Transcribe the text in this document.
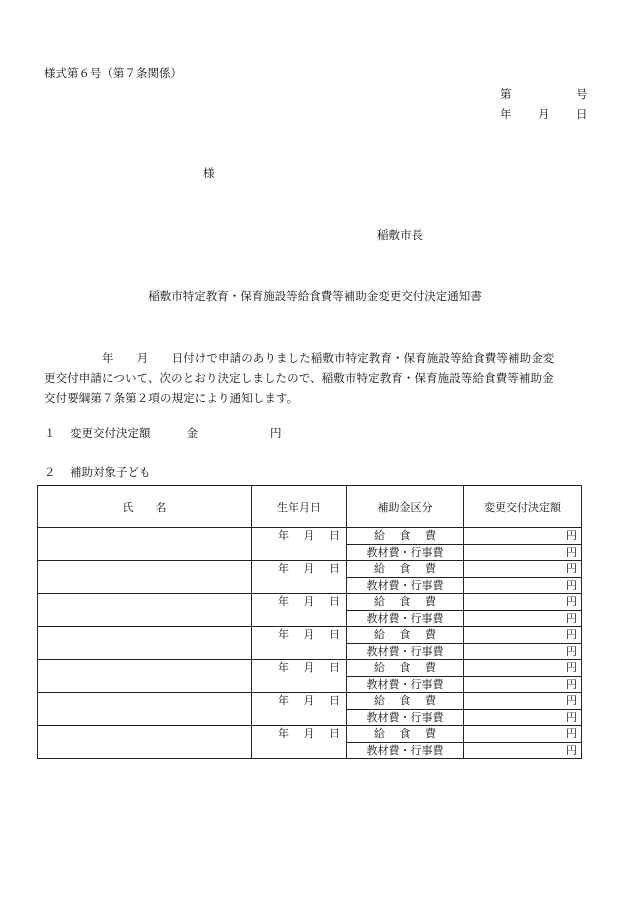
様式第６号（第７条関係）
第	号
年 月 日
様
稲敷市長
稲敷市特定教育・保育施設等給食費等補助金変更交付決定通知書
　　　　　年　　月　　日付けで申請のありました稲敷市特定教育・保育施設等給食費等補助金変
更交付申請について、次のとおり決定しましたので、稲敷市特定教育・保育施設等給食費等補助金
交付要綱第７条第２項の規定により通知します。
１ 変更交付決定額	金	円
２ 補助対象子ども
氏　　名	生年月日	補助金区分	変更交付決定額
	年　 月　 日	給　 食　 費	円
		教材費・行事費	円
	年　 月　 日	給　 食　 費	円
		教材費・行事費	円
	年　 月　 日	給　 食　 費	円
		教材費・行事費	円
	年　 月　 日	給　 食　 費	円
		教材費・行事費	円
	年　 月　 日	給　 食　 費	円
		教材費・行事費	円
	年　 月　 日	給　 食　 費	円
		教材費・行事費	円
	年　 月　 日	給　 食　 費	円
		教材費・行事費	円
